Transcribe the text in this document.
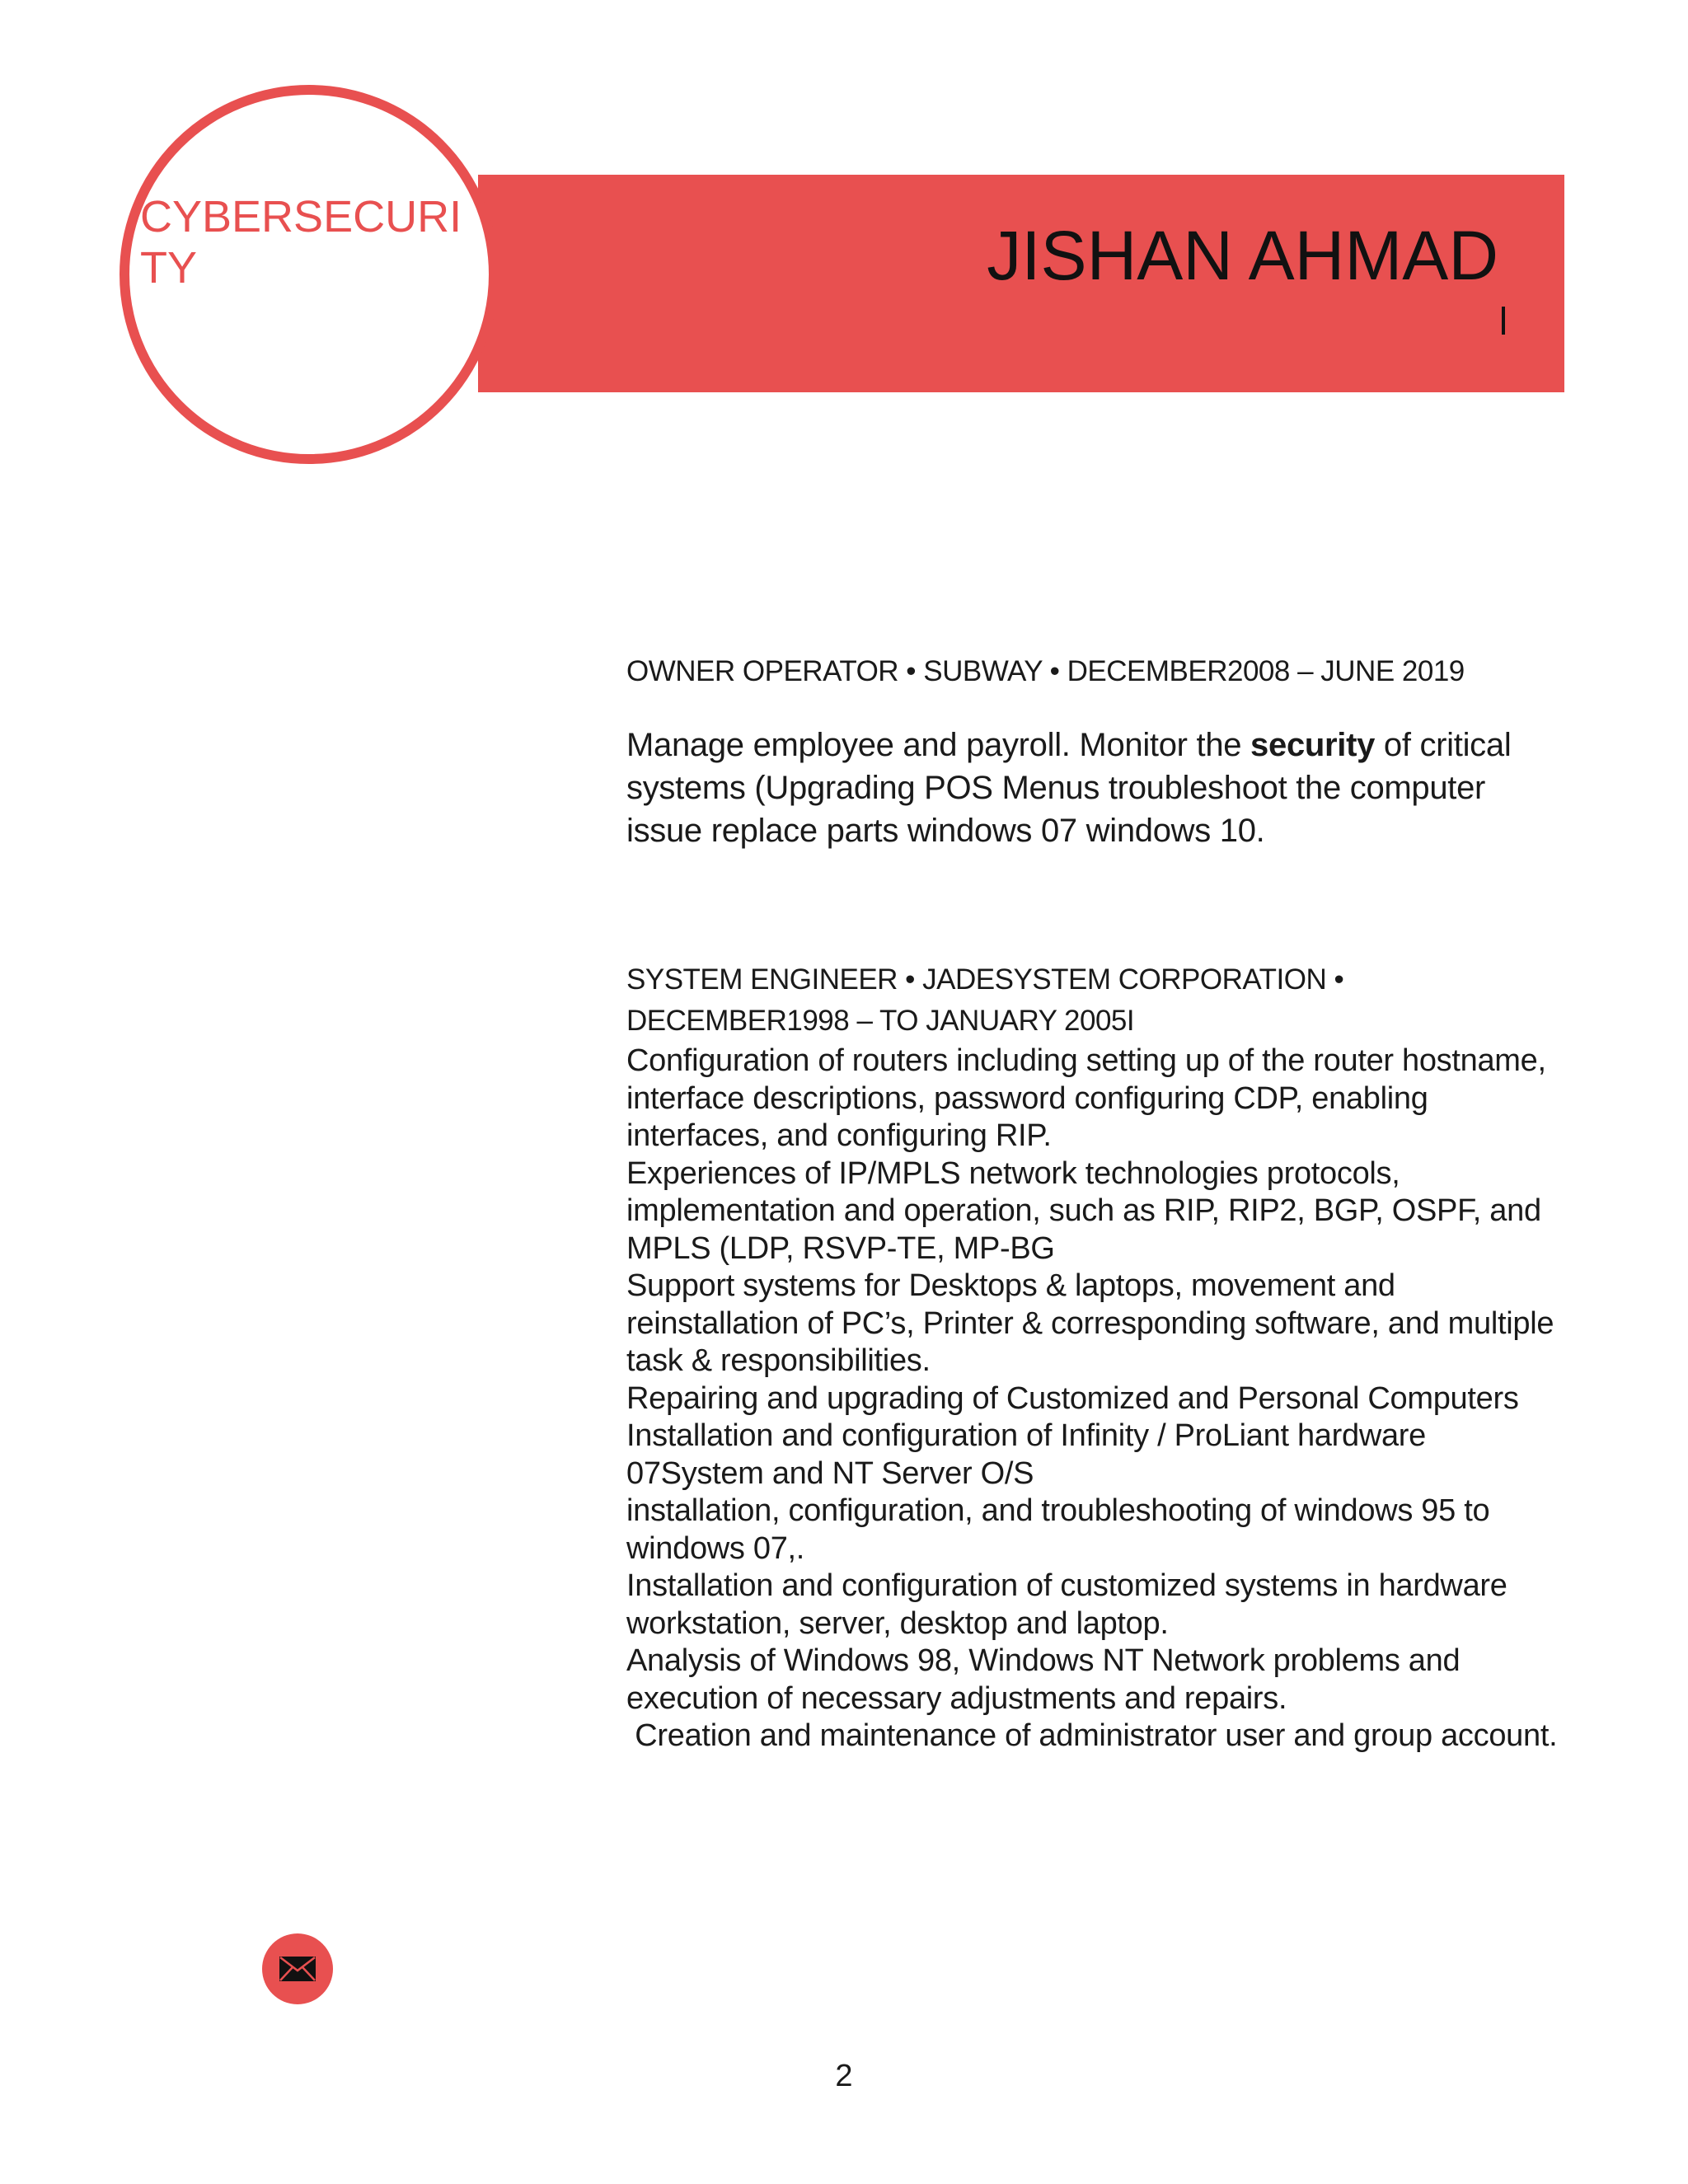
JISHAN AHMAD
CYBERSECURITY
OWNER OPERATOR • SUBWAY • DECEMBER2008 – JUNE 2019
Manage employee and payroll. Monitor the security of critical systems (Upgrading POS Menus troubleshoot the computer issue replace parts windows 07 windows 10.
SYSTEM ENGINEER • JADESYSTEM CORPORATION •
DECEMBER1998 – TO JANUARY 2005I

Configuration of routers including setting up of the router hostname, interface descriptions, password configuring CDP, enabling interfaces, and configuring RIP.

Experiences of IP/MPLS network technologies protocols, implementation and operation, such as RIP, RIP2, BGP, OSPF, and MPLS (LDP, RSVP-TE, MP-BG

Support systems for Desktops & laptops, movement and reinstallation of PC’s, Printer & corresponding software, and multiple task & responsibilities.

Repairing and upgrading of Customized and Personal Computers

Installation and configuration of Infinity / ProLiant hardware 07System and NT Server O/S

installation, configuration, and troubleshooting of windows 95 to windows 07,.

Installation and configuration of customized systems in hardware workstation, server, desktop and laptop.

Analysis of Windows 98, Windows NT Network problems and execution of necessary adjustments and repairs.

Creation and maintenance of administrator user and group account.

2
